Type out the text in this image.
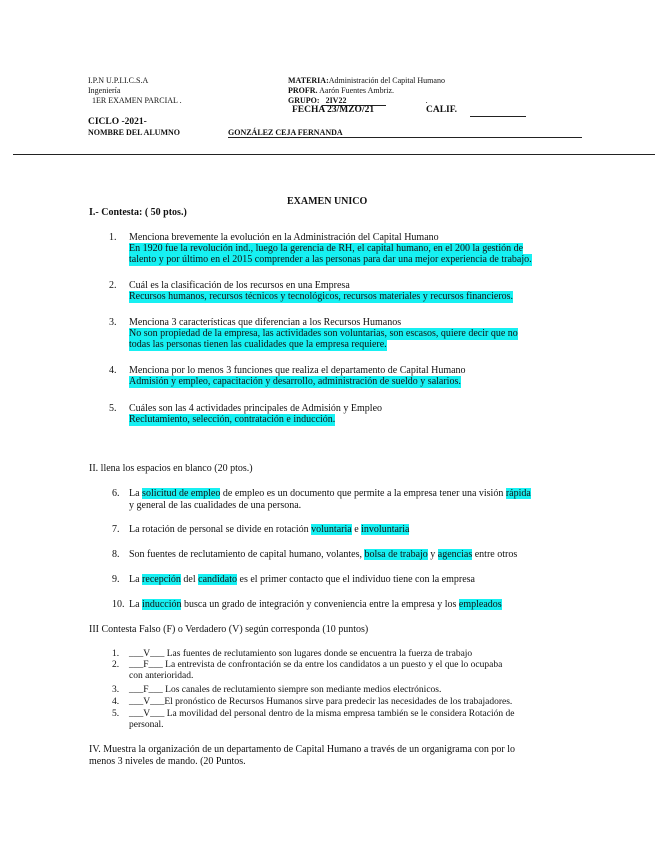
I.P.N U.P.I.I.C.S.A
Ingeniería
1ER EXAMEN PARCIAL .
MATERIA:Administración del Capital Humano
PROFR. Aarón Fuentes Ambriz.
GRUPO: 2IV22	.
FECHA 23/MZO/21	CALIF.
CICLO -2021-
NOMBRE DEL ALUMNO	GONZÁLEZ CEJA FERNANDA
EXAMEN UNICO
I.- Contesta: ( 50 ptos.)
1. Menciona brevemente la evolución en la Administración del Capital Humano
En 1920 fue la revolución ind., luego la gerencia de RH, el capital humano, en el 200 la gestión de
talento y por último en el 2015 comprender a las personas para dar una mejor experiencia de trabajo.
2. Cuál es la clasificación de los recursos en una Empresa
Recursos humanos, recursos técnicos y tecnológicos, recursos materiales y recursos financieros.
3. Menciona 3 características que diferencian a los Recursos Humanos
No son propiedad de la empresa, las actividades son voluntarias, son escasos, quiere decir que no
todas las personas tienen las cualidades que la empresa requiere.
4. Menciona por lo menos 3 funciones que realiza el departamento de Capital Humano
Admisión y empleo, capacitación y desarrollo, administración de sueldo y salarios.
5. Cuáles son las 4 actividades principales de Admisión y Empleo
Reclutamiento, selección, contratación e inducción.
II. llena los espacios en blanco (20 ptos.)
6. La solicitud de empleo de empleo es un documento que permite a la empresa tener una visión rápida
y general de las cualidades de una persona.
7. La rotación de personal se divide en rotación voluntaria e involuntaria
8. Son fuentes de reclutamiento de capital humano, volantes, bolsa de trabajo y agencias entre otros
9. La recepción del candidato es el primer contacto que el individuo tiene con la empresa
10. La inducción busca un grado de integración y conveniencia entre la empresa y los empleados
III Contesta Falso (F) o Verdadero (V) según corresponda (10 puntos)
1. ___V___ Las fuentes de reclutamiento son lugares donde se encuentra la fuerza de trabajo
2. ___F___ La entrevista de confrontación se da entre los candidatos a un puesto y el que lo ocupaba
con anterioridad.
3. ___F___ Los canales de reclutamiento siempre son mediante medios electrónicos.
4. ___V___El pronóstico de Recursos Humanos sirve para predecir las necesidades de los trabajadores.
5. ___V___ La movilidad del personal dentro de la misma empresa también se le considera Rotación de
personal.
IV. Muestra la organización de un departamento de Capital Humano a través de un organigrama con por lo
menos 3 niveles de mando. (20 Puntos.
